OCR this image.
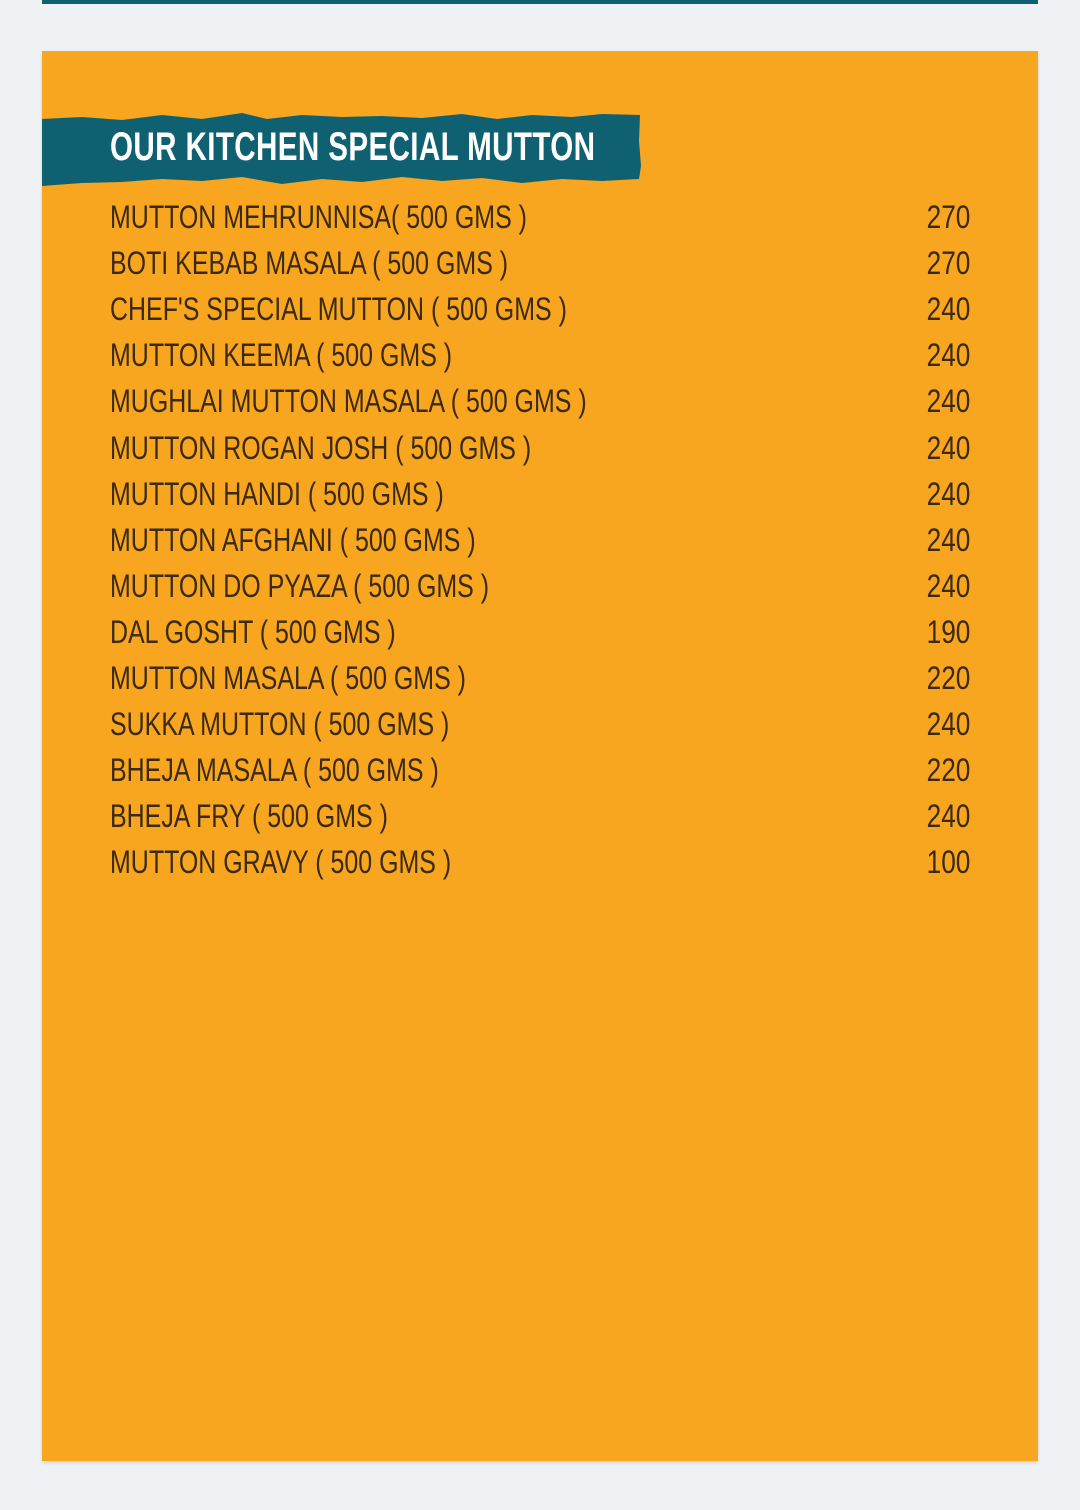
OUR KITCHEN SPECIAL MUTTON
MUTTON MEHRUNNISA( 500 GMS )	270
BOTI KEBAB MASALA ( 500 GMS )	270
CHEF'S SPECIAL MUTTON ( 500 GMS )	240
MUTTON KEEMA ( 500 GMS )	240
MUGHLAI MUTTON MASALA ( 500 GMS )	240
MUTTON ROGAN JOSH ( 500 GMS )	240
MUTTON HANDI ( 500 GMS )	240
MUTTON AFGHANI ( 500 GMS )	240
MUTTON DO PYAZA ( 500 GMS )	240
DAL GOSHT ( 500 GMS )	190
MUTTON MASALA ( 500 GMS )	220
SUKKA MUTTON ( 500 GMS )	240
BHEJA MASALA ( 500 GMS )	220
BHEJA FRY ( 500 GMS )	240
MUTTON GRAVY ( 500 GMS )	100
